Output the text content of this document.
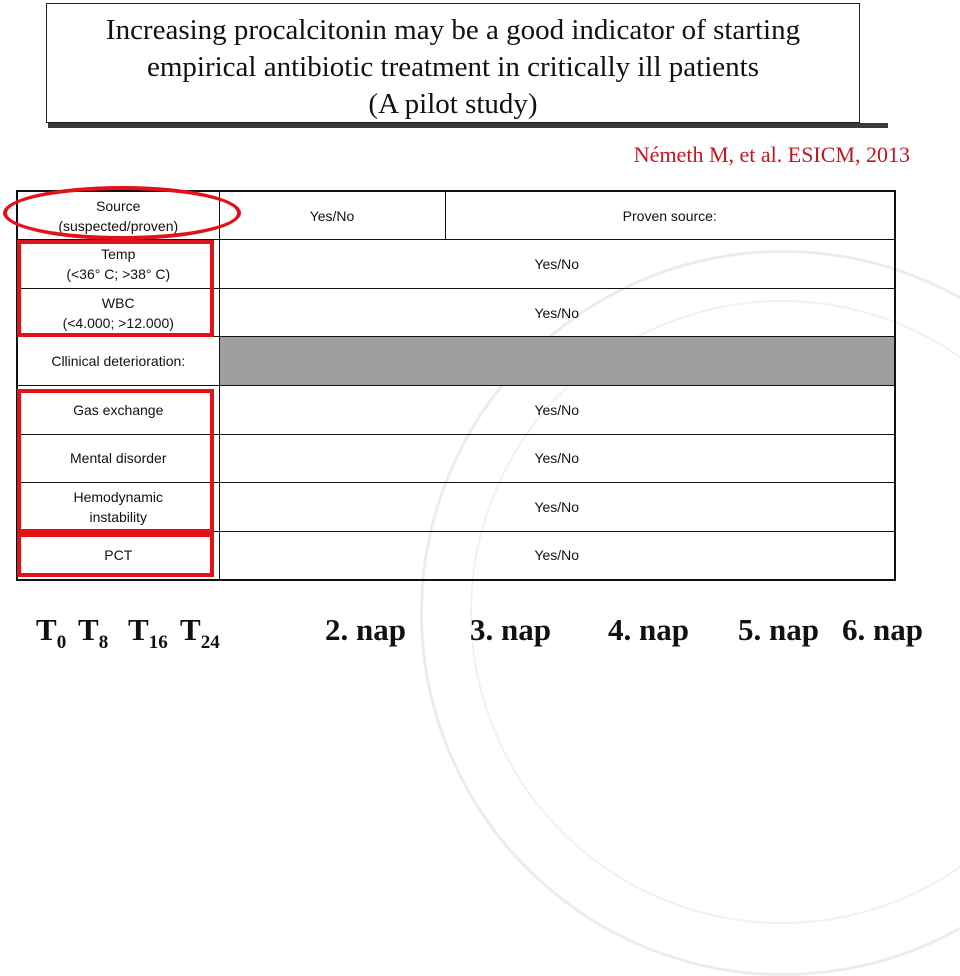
Increasing procalcitonin may be a good indicator of starting
empirical antibiotic treatment in critically ill patients
(A pilot study)
Németh M, et al. ESICM, 2013
Source
(suspected/proven)	Yes/No	Proven source:
Temp
(<36° C; >38° C)	Yes/No	
WBC
(<4.000; >12.000)	Yes/No	
Cllinical deterioration:		
Gas exchange	Yes/No	
Mental disorder	Yes/No	
Hemodynamic
instability	Yes/No	
PCT	Yes/No	
$T_0$ $T_8$ $T_{16}$ $T_{24}$	2. nap 3. nap 4. nap 5. nap 6. nap
